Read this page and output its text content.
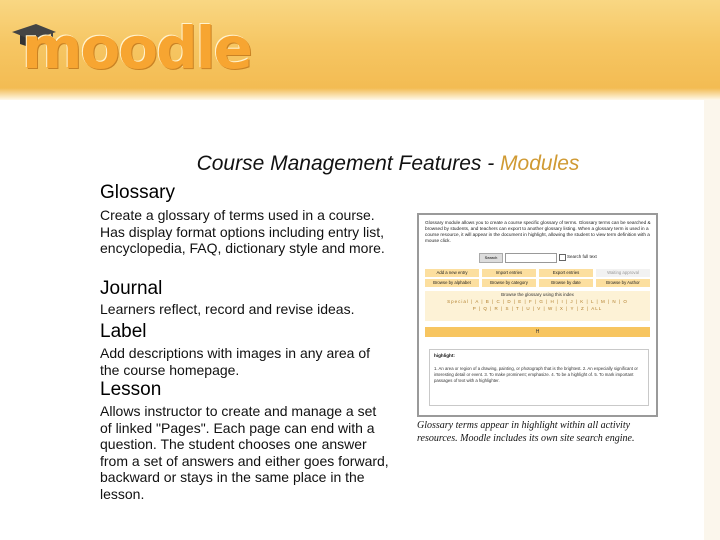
moodle
Course Management Features - Modules
Glossary
Create a glossary of terms used in a course. Has display format options including entry list, encyclopedia, FAQ, dictionary style and more.
Journal
Learners reflect, record and revise ideas.
Label
Add descriptions with images in any area of the course homepage.
Lesson
Allows instructor to create and manage a set of linked "Pages". Each page can end with a question. The student chooses one answer from a set of answers and either goes forward, backward or stays in the same place in the lesson.
Glossary module allows you to create a course specific glossary of terms. Glossary terms can be searched & browsed by students, and teachers can export to another glossary listing. When a glossary term is used in a course resource, it will appear in the document in highlight, allowing the student to view term definition with a mouse click.
Search	Search full text
Add a new entry	Import entries	Export entries	Waiting approval
Browse by alphabet	Browse by category	Browse by date	Browse by Author
Browse the glossary using this index
Special | A | B | C | D | E | F | G | H | I | J | K | L | M | N | O
P | Q | R | S | T | U | V | W | X | Y | Z | ALL
H
highlight:
1. An area or region of a drawing, painting, or photograph that is the brightest. 2. An especially significant or interesting detail or event. 3. To make prominent; emphasize. 4. To be a highlight of. 5. To mark important passages of text with a highlighter.
Glossary terms appear in highlight within all activity resources. Moodle includes its own site search engine.
